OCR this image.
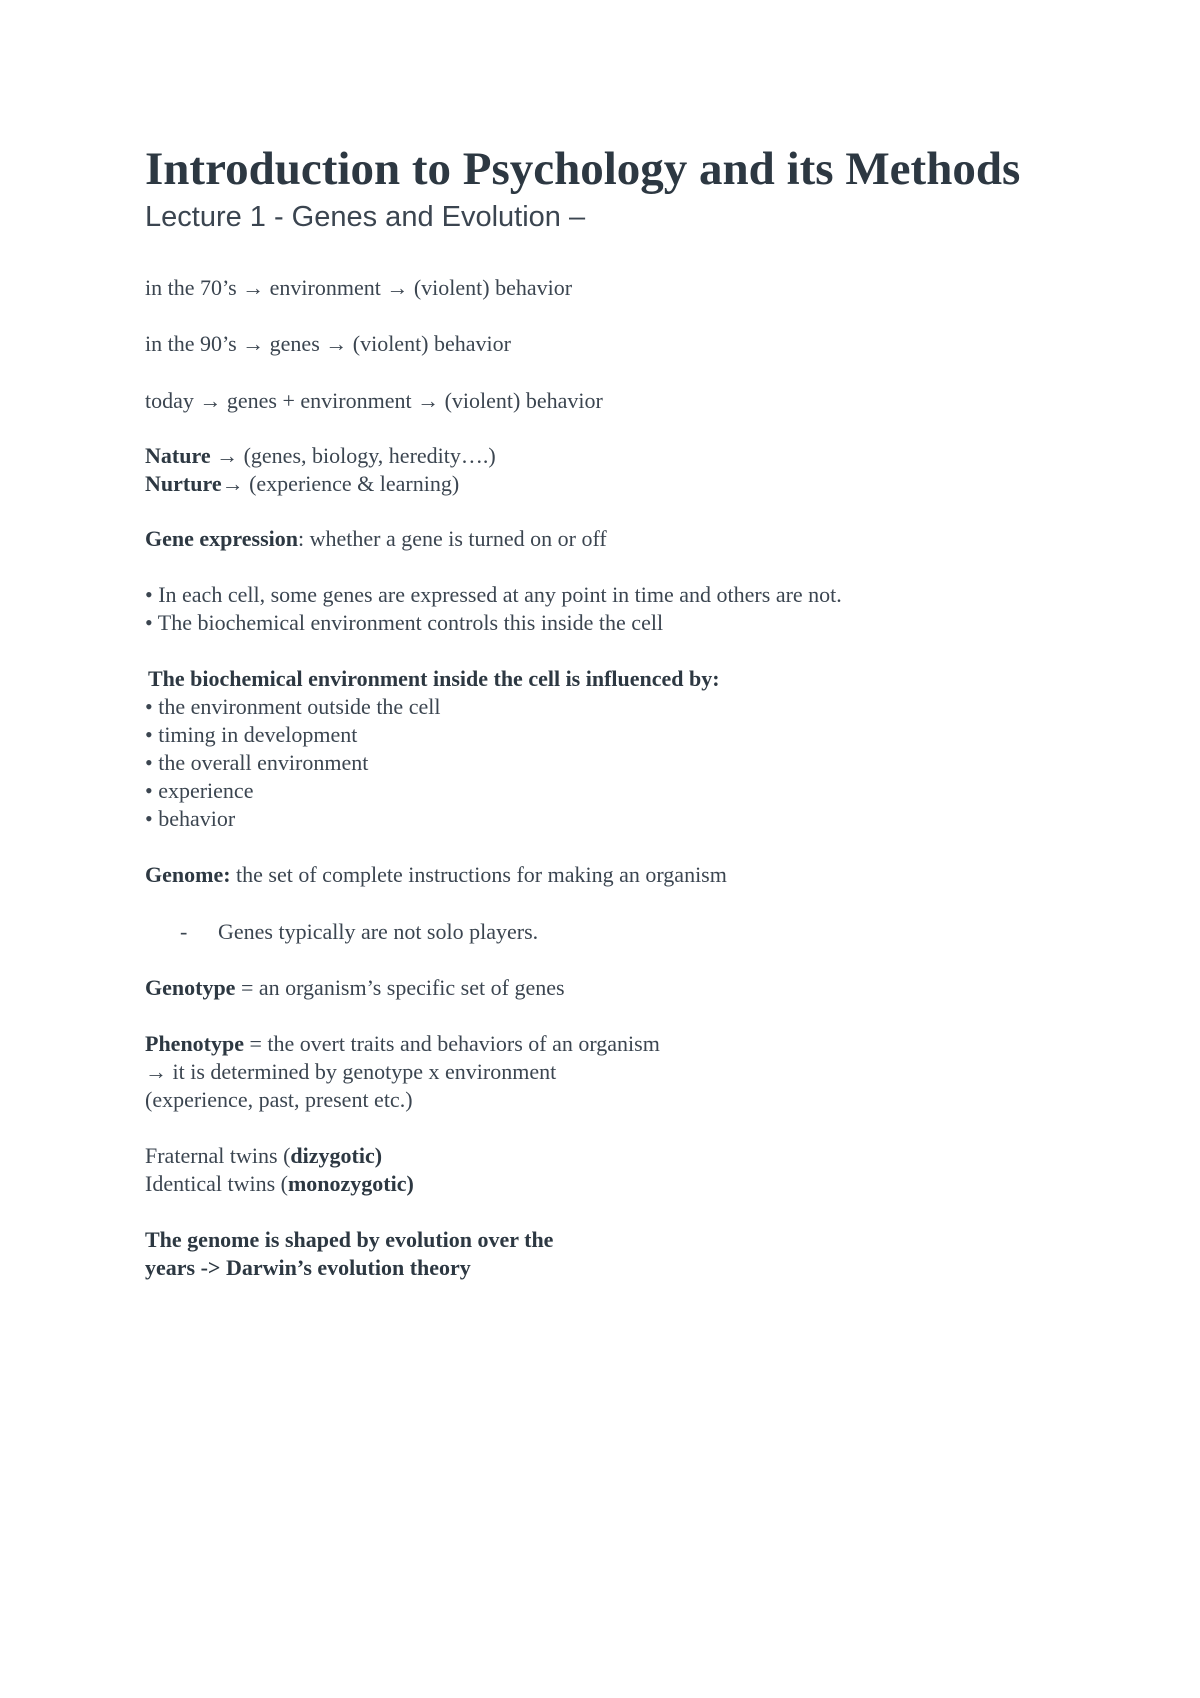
Introduction to Psychology and its Methods
Lecture 1 - Genes and Evolution –
in the 70’s → environment → (violent) behavior
in the 90’s → genes → (violent) behavior
today → genes + environment → (violent) behavior
Nature → (genes, biology, heredity….)
Nurture→ (experience & learning)
Gene expression: whether a gene is turned on or off
• In each cell, some genes are expressed at any point in time and others are not.
• The biochemical environment controls this inside the cell
The biochemical environment inside the cell is influenced by:
• the environment outside the cell
• timing in development
• the overall environment
• experience
• behavior
Genome: the set of complete instructions for making an organism
- Genes typically are not solo players.
Genotype = an organism’s specific set of genes
Phenotype = the overt traits and behaviors of an organism
→ it is determined by genotype x environment
(experience, past, present etc.)
Fraternal twins (dizygotic)
Identical twins (monozygotic)
The genome is shaped by evolution over the
years -> Darwin’s evolution theory
